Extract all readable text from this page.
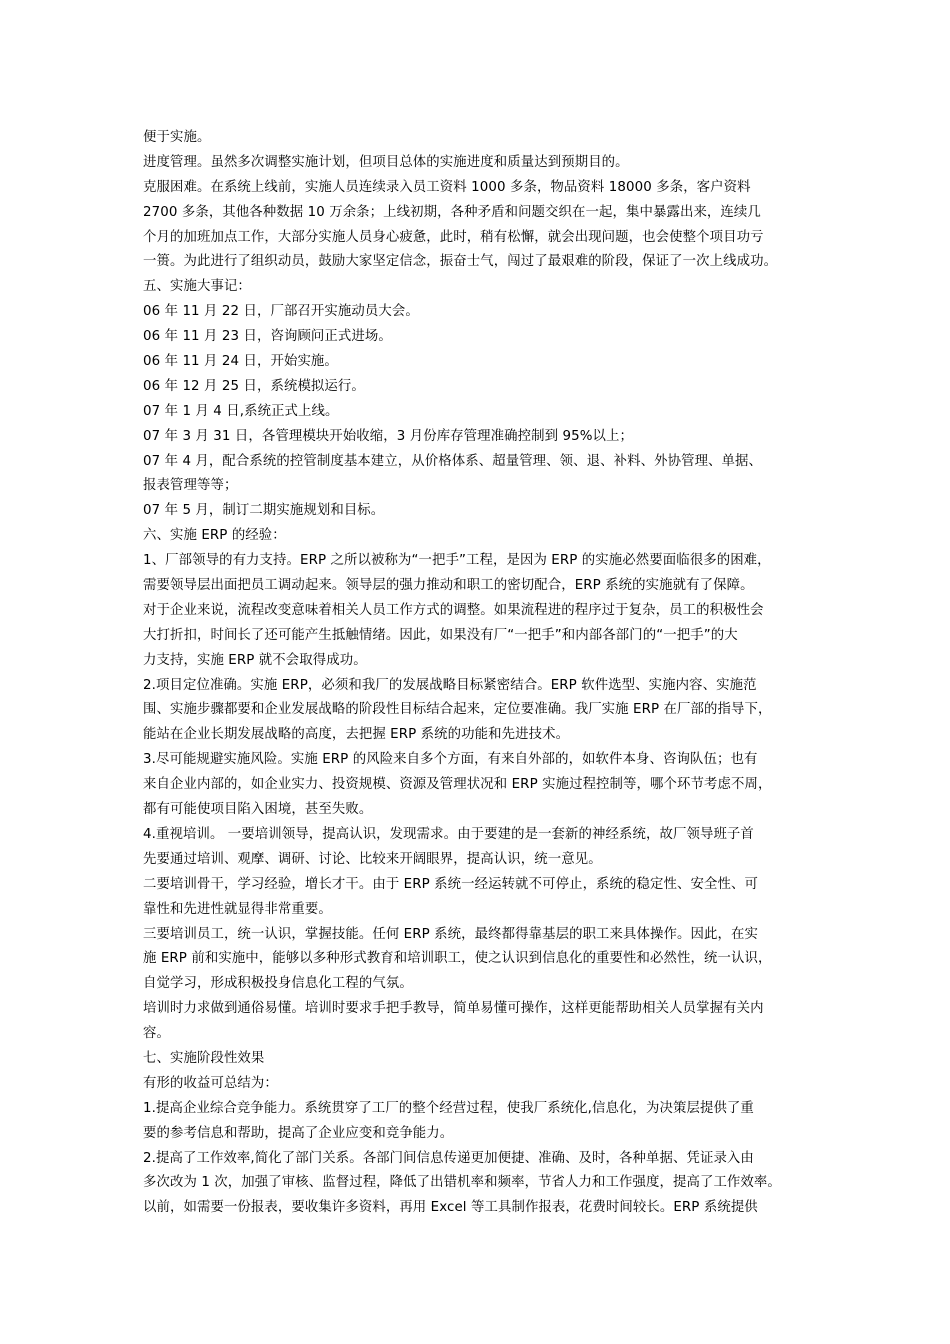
便于实施。
进度管理。虽然多次调整实施计划，但项目总体的实施进度和质量达到预期目的。
克服困难。在系统上线前，实施人员连续录入员工资料 1000 多条，物品资料 18000 多条，客户资料
2700 多条，其他各种数据 10 万余条；上线初期，各种矛盾和问题交织在一起，集中暴露出来，连续几
个月的加班加点工作，大部分实施人员身心疲惫，此时，稍有松懈，就会出现问题，也会使整个项目功亏
一篑。为此进行了组织动员，鼓励大家坚定信念，振奋士气，闯过了最艰难的阶段，保证了一次上线成功。
五、实施大事记：
06 年 11 月 22 日，厂部召开实施动员大会。
06 年 11 月 23 日，咨询顾问正式进场。
06 年 11 月 24 日，开始实施。
06 年 12 月 25 日，系统模拟运行。
07 年 1 月 4 日,系统正式上线。
07 年 3 月 31 日，各管理模块开始收缩，3 月份库存管理准确控制到 95%以上；
07 年 4 月，配合系统的控管制度基本建立，从价格体系、超量管理、领、退、补料、外协管理、单据、
报表管理等等；
07 年 5 月，制订二期实施规划和目标。
六、实施 ERP 的经验：
1、厂部领导的有力支持。ERP 之所以被称为“一把手”工程，是因为 ERP 的实施必然要面临很多的困难，
需要领导层出面把员工调动起来。领导层的强力推动和职工的密切配合，ERP 系统的实施就有了保障。
对于企业来说，流程改变意味着相关人员工作方式的调整。如果流程进的程序过于复杂，员工的积极性会
大打折扣，时间长了还可能产生抵触情绪。因此，如果没有厂“一把手”和内部各部门的“一把手”的大
力支持，实施 ERP 就不会取得成功。
2.项目定位准确。实施 ERP，必须和我厂的发展战略目标紧密结合。ERP 软件选型、实施内容、实施范
围、实施步骤都要和企业发展战略的阶段性目标结合起来，定位要准确。我厂实施 ERP 在厂部的指导下，
能站在企业长期发展战略的高度，去把握 ERP 系统的功能和先进技术。
3.尽可能规避实施风险。实施 ERP 的风险来自多个方面，有来自外部的，如软件本身、咨询队伍；也有
来自企业内部的，如企业实力、投资规模、资源及管理状况和 ERP 实施过程控制等，哪个环节考虑不周，
都有可能使项目陷入困境，甚至失败。
4.重视培训。 一要培训领导，提高认识，发现需求。由于要建的是一套新的神经系统，故厂领导班子首
先要通过培训、观摩、调研、讨论、比较来开阔眼界，提高认识，统一意见。
二要培训骨干，学习经验，增长才干。由于 ERP 系统一经运转就不可停止，系统的稳定性、安全性、可
靠性和先进性就显得非常重要。
三要培训员工，统一认识，掌握技能。任何 ERP 系统，最终都得靠基层的职工来具体操作。因此，在实
施 ERP 前和实施中，能够以多种形式教育和培训职工，使之认识到信息化的重要性和必然性，统一认识，
自觉学习，形成积极投身信息化工程的气氛。
培训时力求做到通俗易懂。培训时要求手把手教导，简单易懂可操作，这样更能帮助相关人员掌握有关内
容。
七、实施阶段性效果
有形的收益可总结为：
1.提高企业综合竞争能力。系统贯穿了工厂的整个经营过程，使我厂系统化,信息化，为决策层提供了重
要的参考信息和帮助，提高了企业应变和竞争能力。
2.提高了工作效率,简化了部门关系。各部门间信息传递更加便捷、准确、及时，各种单据、凭证录入由
多次改为 1 次，加强了审核、监督过程，降低了出错机率和频率，节省人力和工作强度，提高了工作效率。
以前，如需要一份报表，要收集许多资料，再用 Excel 等工具制作报表，花费时间较长。ERP 系统提供
